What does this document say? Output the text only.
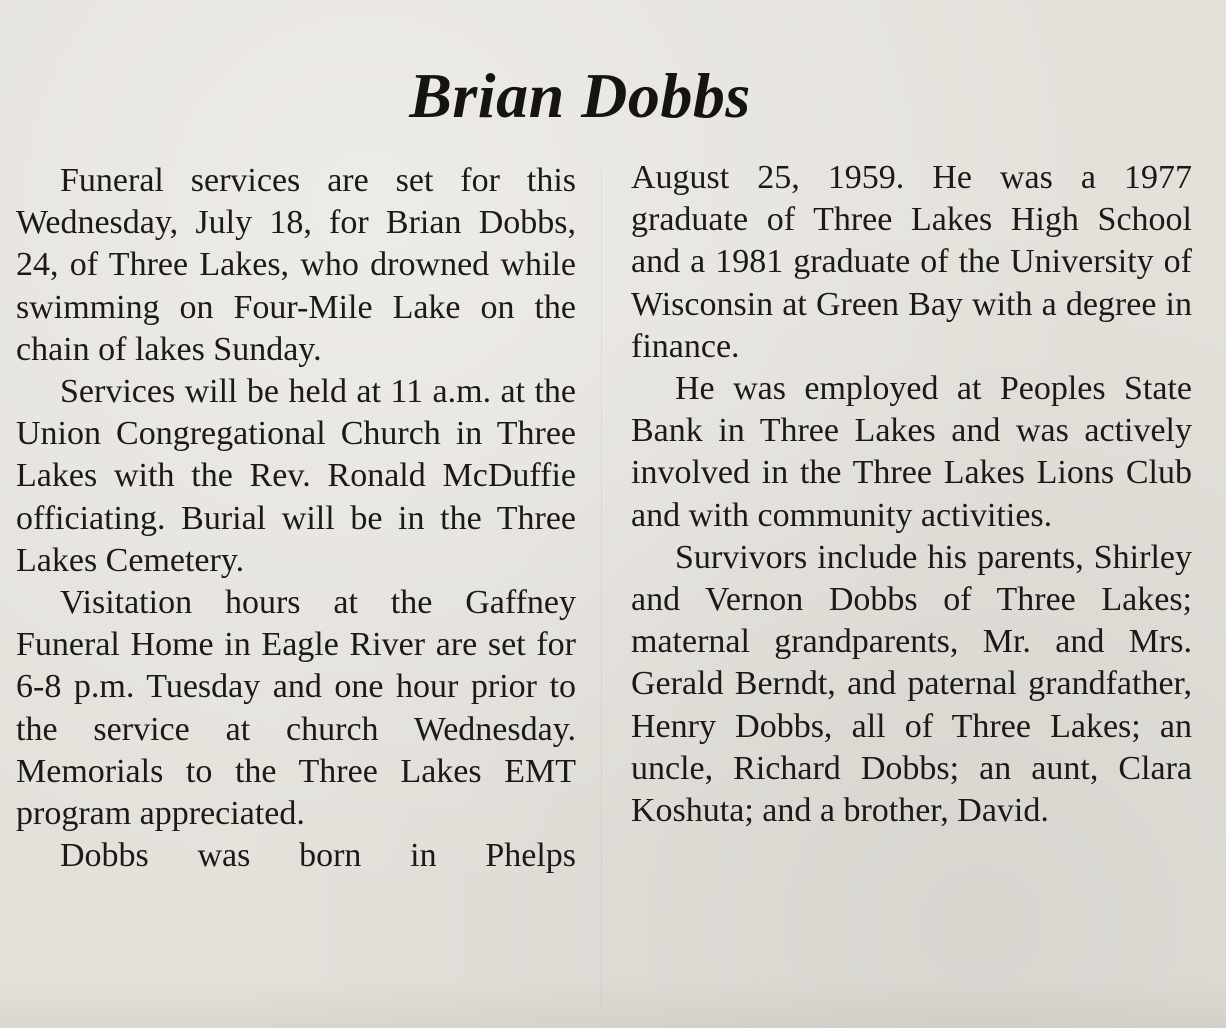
Brian Dobbs

Funeral services are set for this Wednesday, July 18, for Brian Dobbs, 24, of Three Lakes, who drowned while swimming on Four-Mile Lake on the chain of lakes Sunday.

Services will be held at 11 a.m. at the Union Congregational Church in Three Lakes with the Rev. Ronald McDuffie officiating. Burial will be in the Three Lakes Cemetery.

Visitation hours at the Gaffney Funeral Home in Eagle River are set for 6-8 p.m. Tuesday and one hour prior to the service at church Wednesday. Memorials to the Three Lakes EMT program appreciated.

Dobbs was born in Phelps

August 25, 1959. He was a 1977 graduate of Three Lakes High School and a 1981 graduate of the University of Wisconsin at Green Bay with a degree in finance.

He was employed at Peoples State Bank in Three Lakes and was actively involved in the Three Lakes Lions Club and with community activities.

Survivors include his parents, Shirley and Vernon Dobbs of Three Lakes; maternal grandparents, Mr. and Mrs. Gerald Berndt, and paternal grandfather, Henry Dobbs, all of Three Lakes; an uncle, Richard Dobbs; an aunt, Clara Koshuta; and a brother, David.
